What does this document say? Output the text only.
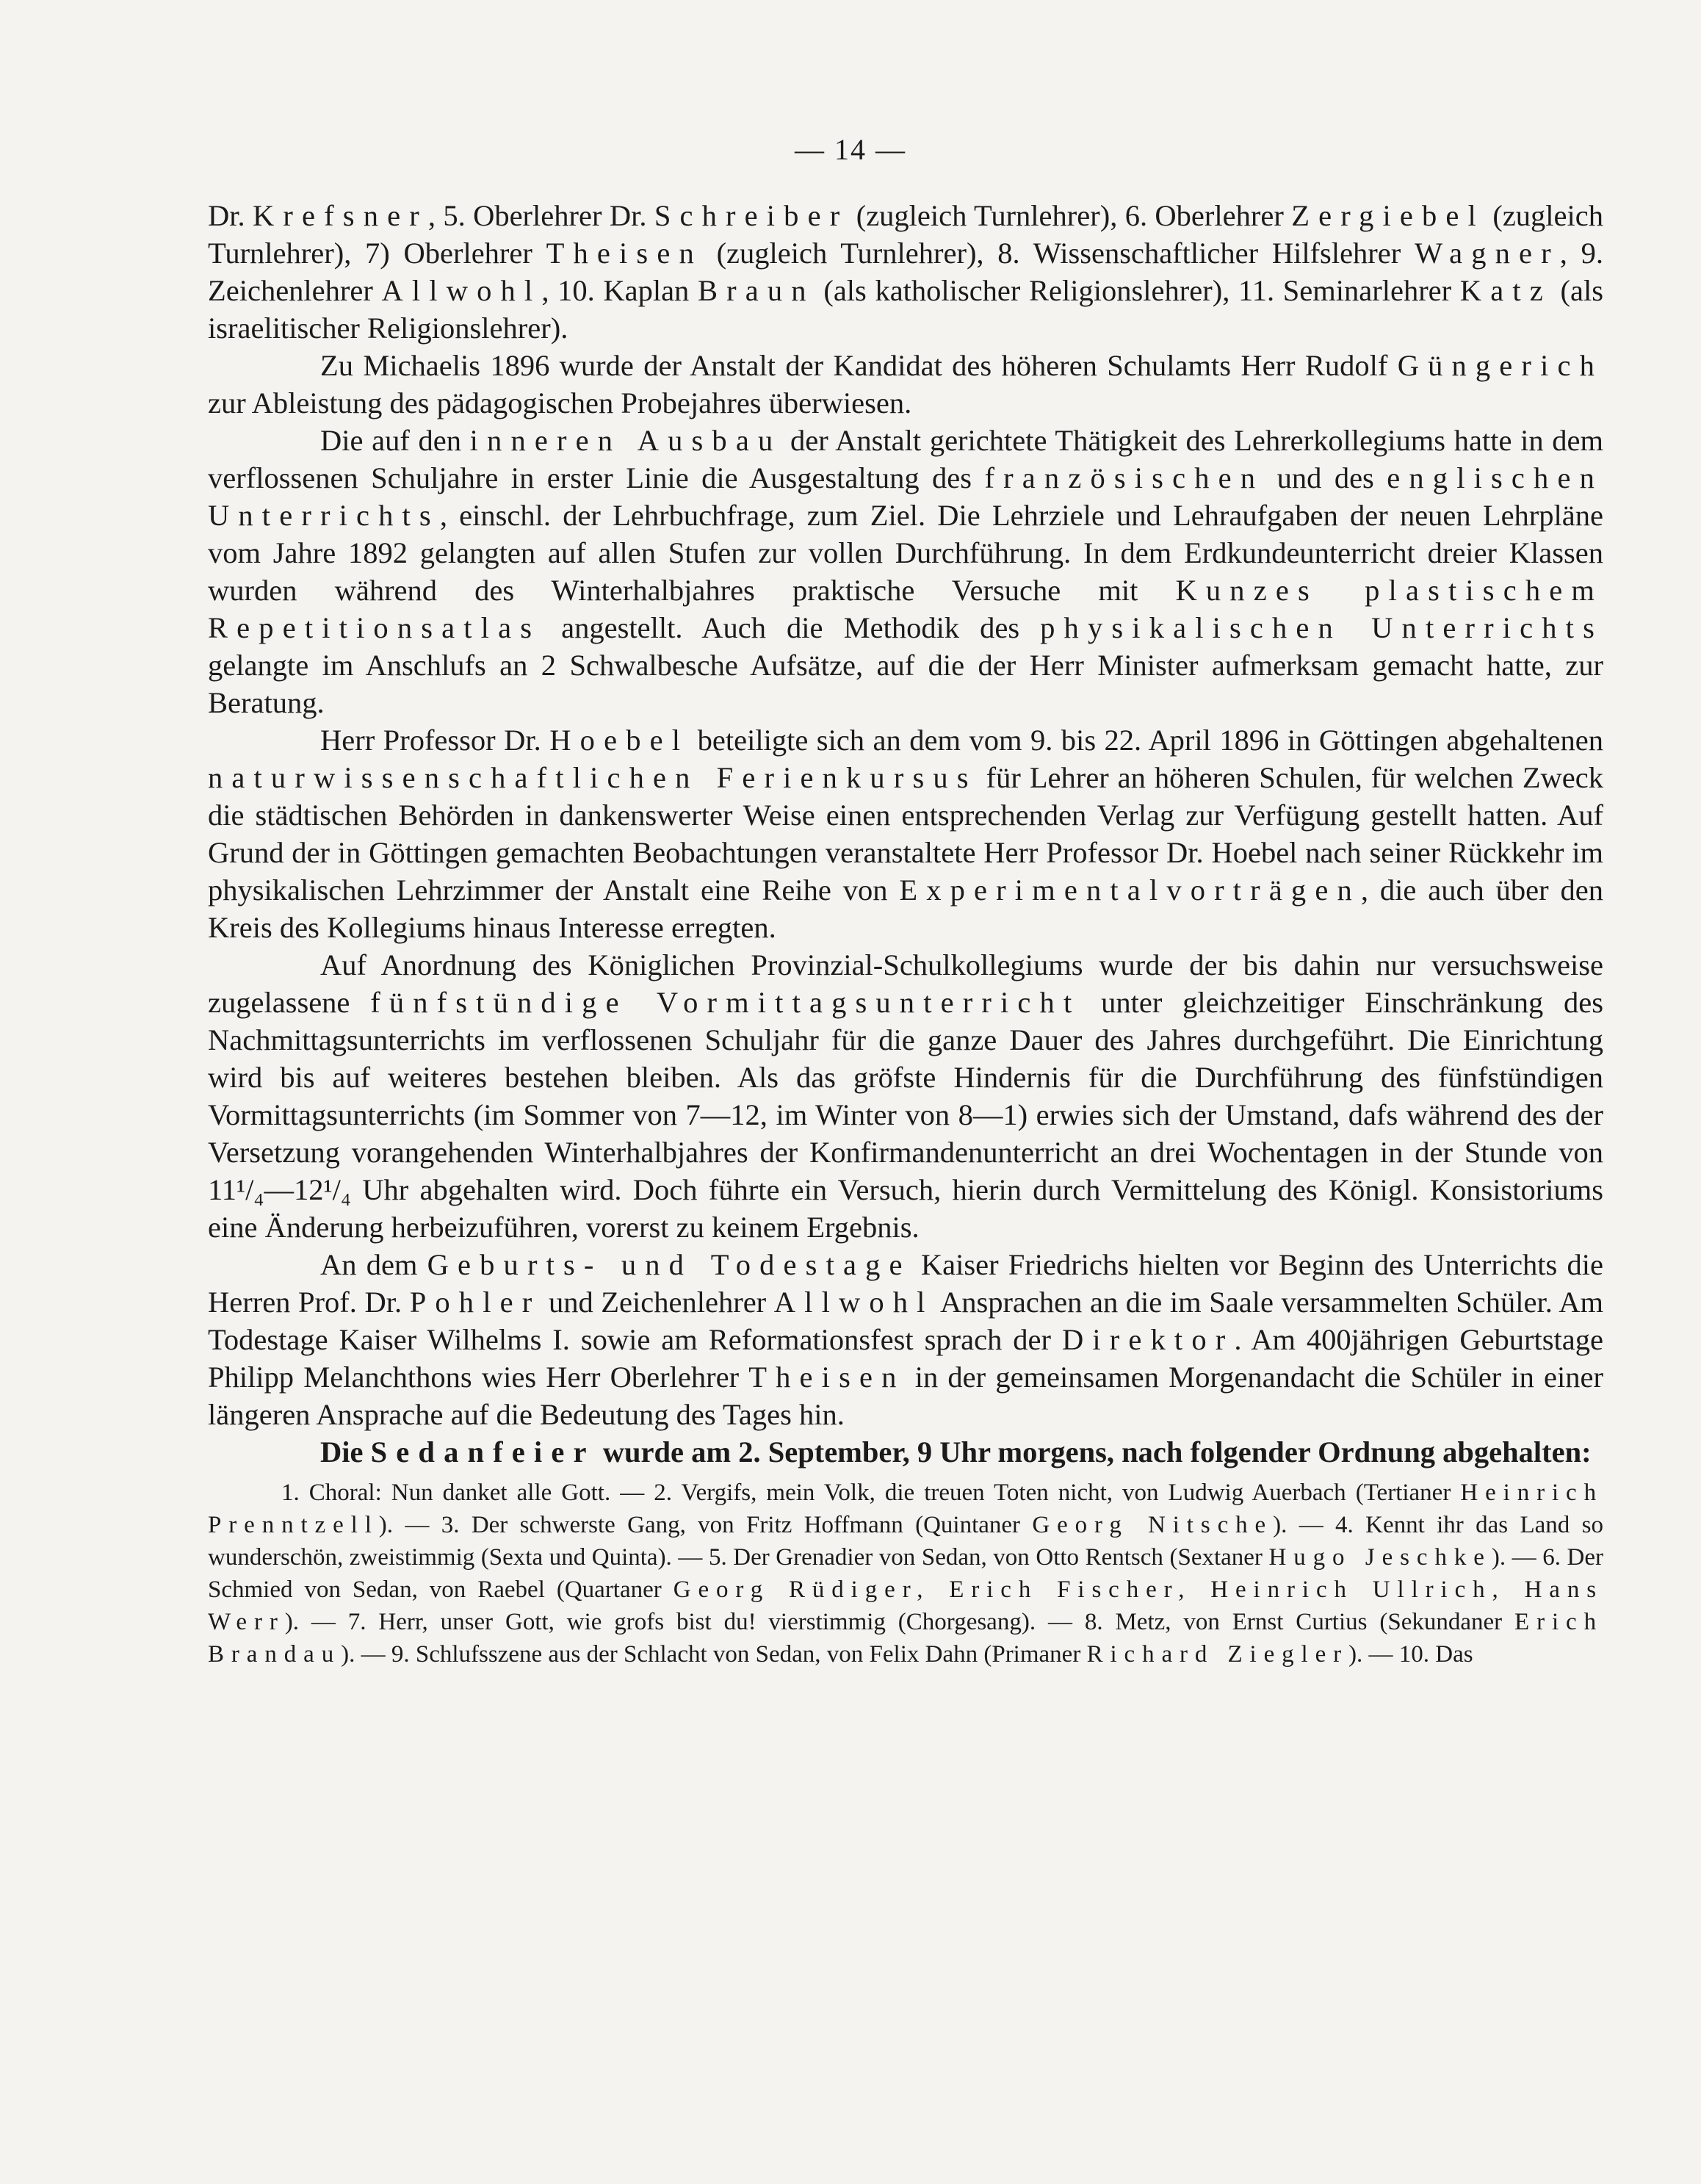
— 14 —

Dr. Krefsner, 5. Oberlehrer Dr. Schreiber (zugleich Turnlehrer), 6. Oberlehrer Zergiebel (zugleich Turnlehrer), 7) Oberlehrer Theisen (zugleich Turnlehrer), 8. Wissenschaftlicher Hilfslehrer Wagner, 9. Zeichenlehrer Allwohl, 10. Kaplan Braun (als katholischer Religionslehrer), 11. Seminarlehrer Katz (als israelitischer Religionslehrer).

Zu Michaelis 1896 wurde der Anstalt der Kandidat des höheren Schulamts Herr Rudolf Güngerich zur Ableistung des pädagogischen Probejahres überwiesen.

Die auf den inneren Ausbau der Anstalt gerichtete Thätigkeit des Lehrerkollegiums hatte in dem verflossenen Schuljahre in erster Linie die Ausgestaltung des französischen und des englischen Unterrichts, einschl. der Lehrbuchfrage, zum Ziel. Die Lehrziele und Lehraufgaben der neuen Lehrpläne vom Jahre 1892 gelangten auf allen Stufen zur vollen Durchführung. In dem Erdkundeunterricht dreier Klassen wurden während des Winterhalbjahres praktische Versuche mit Kunzes plastischem Repetitionsatlas angestellt. Auch die Methodik des physikalischen Unterrichts gelangte im Anschlufs an 2 Schwalbesche Aufsätze, auf die der Herr Minister aufmerksam gemacht hatte, zur Beratung.

Herr Professor Dr. Hoebel beteiligte sich an dem vom 9. bis 22. April 1896 in Göttingen abgehaltenen naturwissenschaftlichen Ferienkursus für Lehrer an höheren Schulen, für welchen Zweck die städtischen Behörden in dankenswerter Weise einen entsprechenden Verlag zur Verfügung gestellt hatten. Auf Grund der in Göttingen gemachten Beobachtungen veranstaltete Herr Professor Dr. Hoebel nach seiner Rückkehr im physikalischen Lehrzimmer der Anstalt eine Reihe von Experimentalvorträgen, die auch über den Kreis des Kollegiums hinaus Interesse erregten.

Auf Anordnung des Königlichen Provinzial-Schulkollegiums wurde der bis dahin nur versuchsweise zugelassene fünfstündige Vormittagsunterricht unter gleichzeitiger Einschränkung des Nachmittagsunterrichts im verflossenen Schuljahr für die ganze Dauer des Jahres durchgeführt. Die Einrichtung wird bis auf weiteres bestehen bleiben. Als das gröfste Hindernis für die Durchführung des fünfstündigen Vormittagsunterrichts (im Sommer von 7—12, im Winter von 8—1) erwies sich der Umstand, dafs während des der Versetzung vorangehenden Winterhalbjahres der Konfirmandenunterricht an drei Wochentagen in der Stunde von 11¹/₄—12¹/₄ Uhr abgehalten wird. Doch führte ein Versuch, hierin durch Vermittelung des Königl. Konsistoriums eine Änderung herbeizuführen, vorerst zu keinem Ergebnis.

An dem Geburts- und Todestage Kaiser Friedrichs hielten vor Beginn des Unterrichts die Herren Prof. Dr. Pohler und Zeichenlehrer Allwohl Ansprachen an die im Saale versammelten Schüler. Am Todestage Kaiser Wilhelms I. sowie am Reformationsfest sprach der Direktor. Am 400jährigen Geburtstage Philipp Melanchthons wies Herr Oberlehrer Theisen in der gemeinsamen Morgenandacht die Schüler in einer längeren Ansprache auf die Bedeutung des Tages hin.

Die Sedanfeier wurde am 2. September, 9 Uhr morgens, nach folgender Ordnung abgehalten:

1. Choral: Nun danket alle Gott. — 2. Vergifs, mein Volk, die treuen Toten nicht, von Ludwig Auerbach (Tertianer Heinrich Prenntzell). — 3. Der schwerste Gang, von Fritz Hoffmann (Quintaner Georg Nitsche). — 4. Kennt ihr das Land so wunderschön, zweistimmig (Sexta und Quinta). — 5. Der Grenadier von Sedan, von Otto Rentsch (Sextaner Hugo Jeschke). — 6. Der Schmied von Sedan, von Raebel (Quartaner Georg Rüdiger, Erich Fischer, Heinrich Ullrich, Hans Werr). — 7. Herr, unser Gott, wie grofs bist du! vierstimmig (Chorgesang). — 8. Metz, von Ernst Curtius (Sekundaner Erich Brandau). — 9. Schlufsszene aus der Schlacht von Sedan, von Felix Dahn (Primaner Richard Ziegler). — 10. Das
